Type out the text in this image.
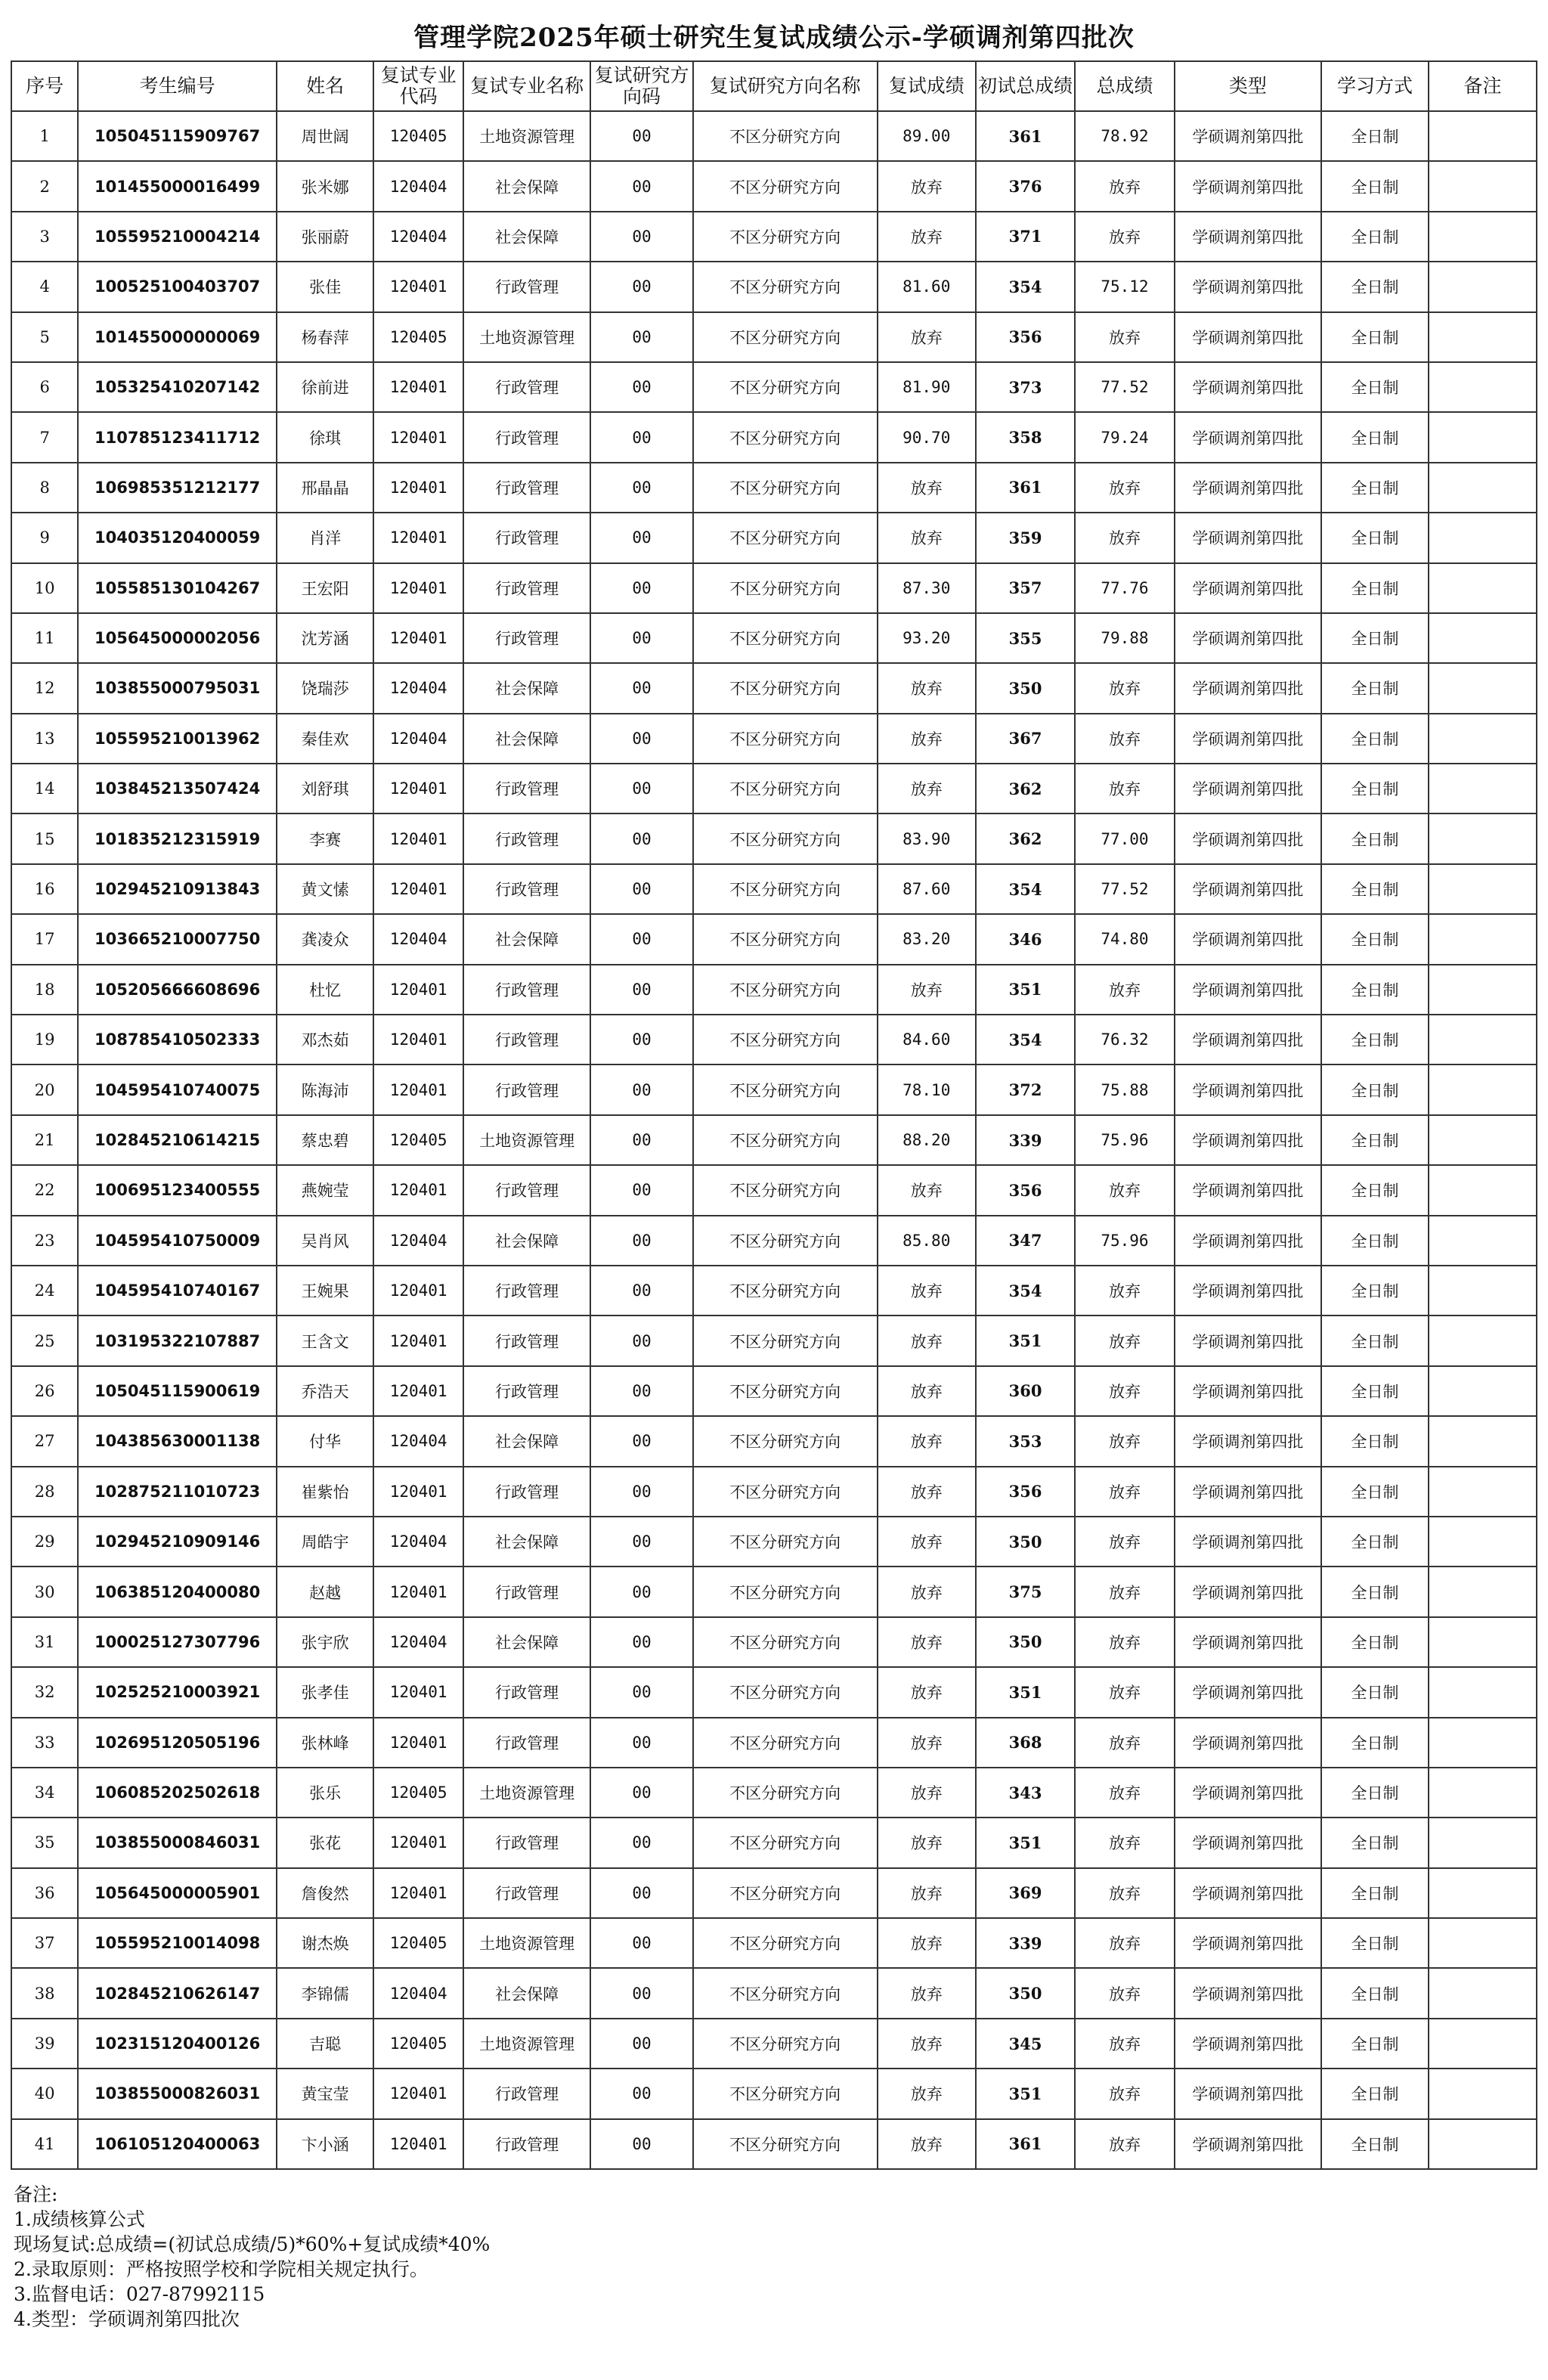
管理学院2025年硕士研究生复试成绩公示-学硕调剂第四批次
序号	考生编号	姓名	复试专业代码	复试专业名称	复试研究方向码	复试研究方向名称	复试成绩	初试总成绩	总成绩	类型	学习方式	备注
1	105045115909767	周世阔	120405	土地资源管理	00	不区分研究方向	89.00	361	78.92	学硕调剂第四批	全日制	
2	101455000016499	张米娜	120404	社会保障	00	不区分研究方向	放弃	376	放弃	学硕调剂第四批	全日制	
3	105595210004214	张丽蔚	120404	社会保障	00	不区分研究方向	放弃	371	放弃	学硕调剂第四批	全日制	
4	100525100403707	张佳	120401	行政管理	00	不区分研究方向	81.60	354	75.12	学硕调剂第四批	全日制	
5	101455000000069	杨春萍	120405	土地资源管理	00	不区分研究方向	放弃	356	放弃	学硕调剂第四批	全日制	
6	105325410207142	徐前进	120401	行政管理	00	不区分研究方向	81.90	373	77.52	学硕调剂第四批	全日制	
7	110785123411712	徐琪	120401	行政管理	00	不区分研究方向	90.70	358	79.24	学硕调剂第四批	全日制	
8	106985351212177	邢晶晶	120401	行政管理	00	不区分研究方向	放弃	361	放弃	学硕调剂第四批	全日制	
9	104035120400059	肖洋	120401	行政管理	00	不区分研究方向	放弃	359	放弃	学硕调剂第四批	全日制	
10	105585130104267	王宏阳	120401	行政管理	00	不区分研究方向	87.30	357	77.76	学硕调剂第四批	全日制	
11	105645000002056	沈芳涵	120401	行政管理	00	不区分研究方向	93.20	355	79.88	学硕调剂第四批	全日制	
12	103855000795031	饶瑞莎	120404	社会保障	00	不区分研究方向	放弃	350	放弃	学硕调剂第四批	全日制	
13	105595210013962	秦佳欢	120404	社会保障	00	不区分研究方向	放弃	367	放弃	学硕调剂第四批	全日制	
14	103845213507424	刘舒琪	120401	行政管理	00	不区分研究方向	放弃	362	放弃	学硕调剂第四批	全日制	
15	101835212315919	李赛	120401	行政管理	00	不区分研究方向	83.90	362	77.00	学硕调剂第四批	全日制	
16	102945210913843	黄文愫	120401	行政管理	00	不区分研究方向	87.60	354	77.52	学硕调剂第四批	全日制	
17	103665210007750	龚凌众	120404	社会保障	00	不区分研究方向	83.20	346	74.80	学硕调剂第四批	全日制	
18	105205666608696	杜忆	120401	行政管理	00	不区分研究方向	放弃	351	放弃	学硕调剂第四批	全日制	
19	108785410502333	邓杰茹	120401	行政管理	00	不区分研究方向	84.60	354	76.32	学硕调剂第四批	全日制	
20	104595410740075	陈海沛	120401	行政管理	00	不区分研究方向	78.10	372	75.88	学硕调剂第四批	全日制	
21	102845210614215	蔡忠碧	120405	土地资源管理	00	不区分研究方向	88.20	339	75.96	学硕调剂第四批	全日制	
22	100695123400555	燕婉莹	120401	行政管理	00	不区分研究方向	放弃	356	放弃	学硕调剂第四批	全日制	
23	104595410750009	吴肖风	120404	社会保障	00	不区分研究方向	85.80	347	75.96	学硕调剂第四批	全日制	
24	104595410740167	王婉果	120401	行政管理	00	不区分研究方向	放弃	354	放弃	学硕调剂第四批	全日制	
25	103195322107887	王含文	120401	行政管理	00	不区分研究方向	放弃	351	放弃	学硕调剂第四批	全日制	
26	105045115900619	乔浩天	120401	行政管理	00	不区分研究方向	放弃	360	放弃	学硕调剂第四批	全日制	
27	104385630001138	付华	120404	社会保障	00	不区分研究方向	放弃	353	放弃	学硕调剂第四批	全日制	
28	102875211010723	崔紫怡	120401	行政管理	00	不区分研究方向	放弃	356	放弃	学硕调剂第四批	全日制	
29	102945210909146	周皓宇	120404	社会保障	00	不区分研究方向	放弃	350	放弃	学硕调剂第四批	全日制	
30	106385120400080	赵越	120401	行政管理	00	不区分研究方向	放弃	375	放弃	学硕调剂第四批	全日制	
31	100025127307796	张宇欣	120404	社会保障	00	不区分研究方向	放弃	350	放弃	学硕调剂第四批	全日制	
32	102525210003921	张孝佳	120401	行政管理	00	不区分研究方向	放弃	351	放弃	学硕调剂第四批	全日制	
33	102695120505196	张林峰	120401	行政管理	00	不区分研究方向	放弃	368	放弃	学硕调剂第四批	全日制	
34	106085202502618	张乐	120405	土地资源管理	00	不区分研究方向	放弃	343	放弃	学硕调剂第四批	全日制	
35	103855000846031	张花	120401	行政管理	00	不区分研究方向	放弃	351	放弃	学硕调剂第四批	全日制	
36	105645000005901	詹俊然	120401	行政管理	00	不区分研究方向	放弃	369	放弃	学硕调剂第四批	全日制	
37	105595210014098	谢杰焕	120405	土地资源管理	00	不区分研究方向	放弃	339	放弃	学硕调剂第四批	全日制	
38	102845210626147	李锦儒	120404	社会保障	00	不区分研究方向	放弃	350	放弃	学硕调剂第四批	全日制	
39	102315120400126	吉聪	120405	土地资源管理	00	不区分研究方向	放弃	345	放弃	学硕调剂第四批	全日制	
40	103855000826031	黄宝莹	120401	行政管理	00	不区分研究方向	放弃	351	放弃	学硕调剂第四批	全日制	
41	106105120400063	卞小涵	120401	行政管理	00	不区分研究方向	放弃	361	放弃	学硕调剂第四批	全日制	
备注:
1.成绩核算公式
现场复试:总成绩=(初试总成绩/5)*60%+复试成绩*40%
2.录取原则：严格按照学校和学院相关规定执行。
3.监督电话：027-87992115
4.类型：学硕调剂第四批次
